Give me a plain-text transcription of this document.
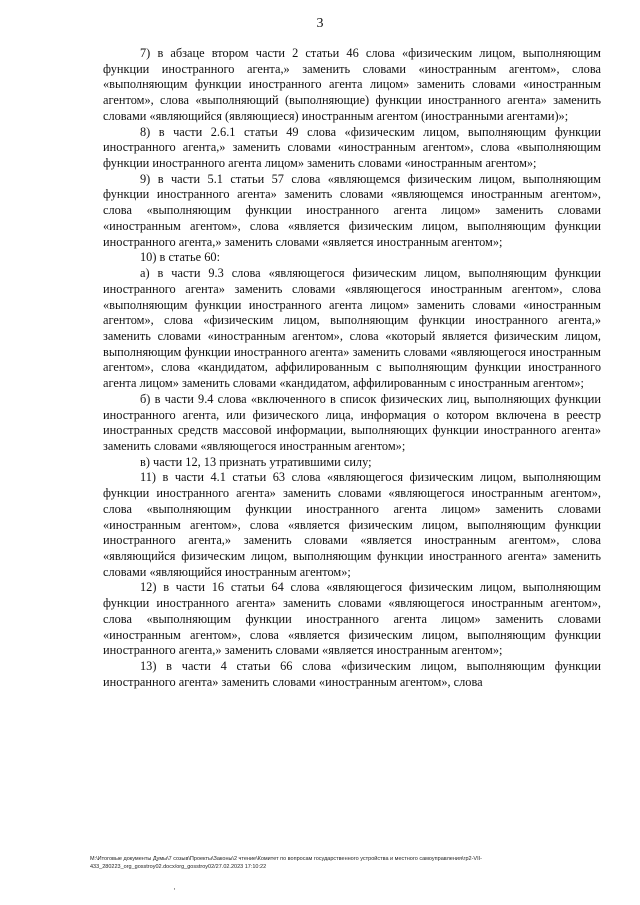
3

7) в абзаце втором части 2 статьи 46 слова «физическим лицом, выполняющим функции иностранного агента,» заменить словами «иностранным агентом», слова «выполняющим функции иностранного агента лицом» заменить словами «иностранным агентом», слова «выполняющий (выполняющие) функции иностранного агента» заменить словами «являющийся (являющиеся) иностранным агентом (иностранными агентами)»;

8) в части 2.6.1 статьи 49 слова «физическим лицом, выполняющим функции иностранного агента,» заменить словами «иностранным агентом», слова «выполняющим функции иностранного агента лицом» заменить словами «иностранным агентом»;

9) в части 5.1 статьи 57 слова «являющемся физическим лицом, выполняющим функции иностранного агента» заменить словами «являющемся иностранным агентом», слова «выполняющим функции иностранного агента лицом» заменить словами «иностранным агентом», слова «является физическим лицом, выполняющим функции иностранного агента,» заменить словами «является иностранным агентом»;

10) в статье 60:

а) в части 9.3 слова «являющегося физическим лицом, выполняющим функции иностранного агента» заменить словами «являющегося иностранным агентом», слова «выполняющим функции иностранного агента лицом» заменить словами «иностранным агентом», слова «физическим лицом, выполняющим функции иностранного агента,» заменить словами «иностранным агентом», слова «который является физическим лицом, выполняющим функции иностранного агента» заменить словами «являющегося иностранным агентом», слова «кандидатом, аффилированным с выполняющим функции иностранного агента лицом» заменить словами «кандидатом, аффилированным с иностранным агентом»;

б) в части 9.4 слова «включенного в список физических лиц, выполняющих функции иностранного агента, или физического лица, информация о котором включена в реестр иностранных средств массовой информации, выполняющих функции иностранного агента» заменить словами «являющегося иностранным агентом»;

в) части 12, 13 признать утратившими силу;

11) в части 4.1 статьи 63 слова «являющегося физическим лицом, выполняющим функции иностранного агента» заменить словами «являющегося иностранным агентом», слова «выполняющим функции иностранного агента лицом» заменить словами «иностранным агентом», слова «является физическим лицом, выполняющим функции иностранного агента,» заменить словами «является иностранным агентом», слова «являющийся физическим лицом, выполняющим функции иностранного агента» заменить словами «являющийся иностранным агентом»;

12) в части 16 статьи 64 слова «являющегося физическим лицом, выполняющим функции иностранного агента» заменить словами «являющегося иностранным агентом», слова «выполняющим функции иностранного агента лицом» заменить словами «иностранным агентом», слова «является физическим лицом, выполняющим функции иностранного агента,» заменить словами «является иностранным агентом»;

13) в части 4 статьи 66 слова «физическим лицом, выполняющим функции иностранного агента» заменить словами «иностранным агентом», слова

М:\Итоговые документы Думы\7 созыв\Проекты\Законы\2 чтение\Комитет по вопросам государственного устройства и местного самоуправления\гр2-VII-
433_280223_org_gosstroy02.docx/org_gosstroy02/27.02.2023 17:10:22
·
